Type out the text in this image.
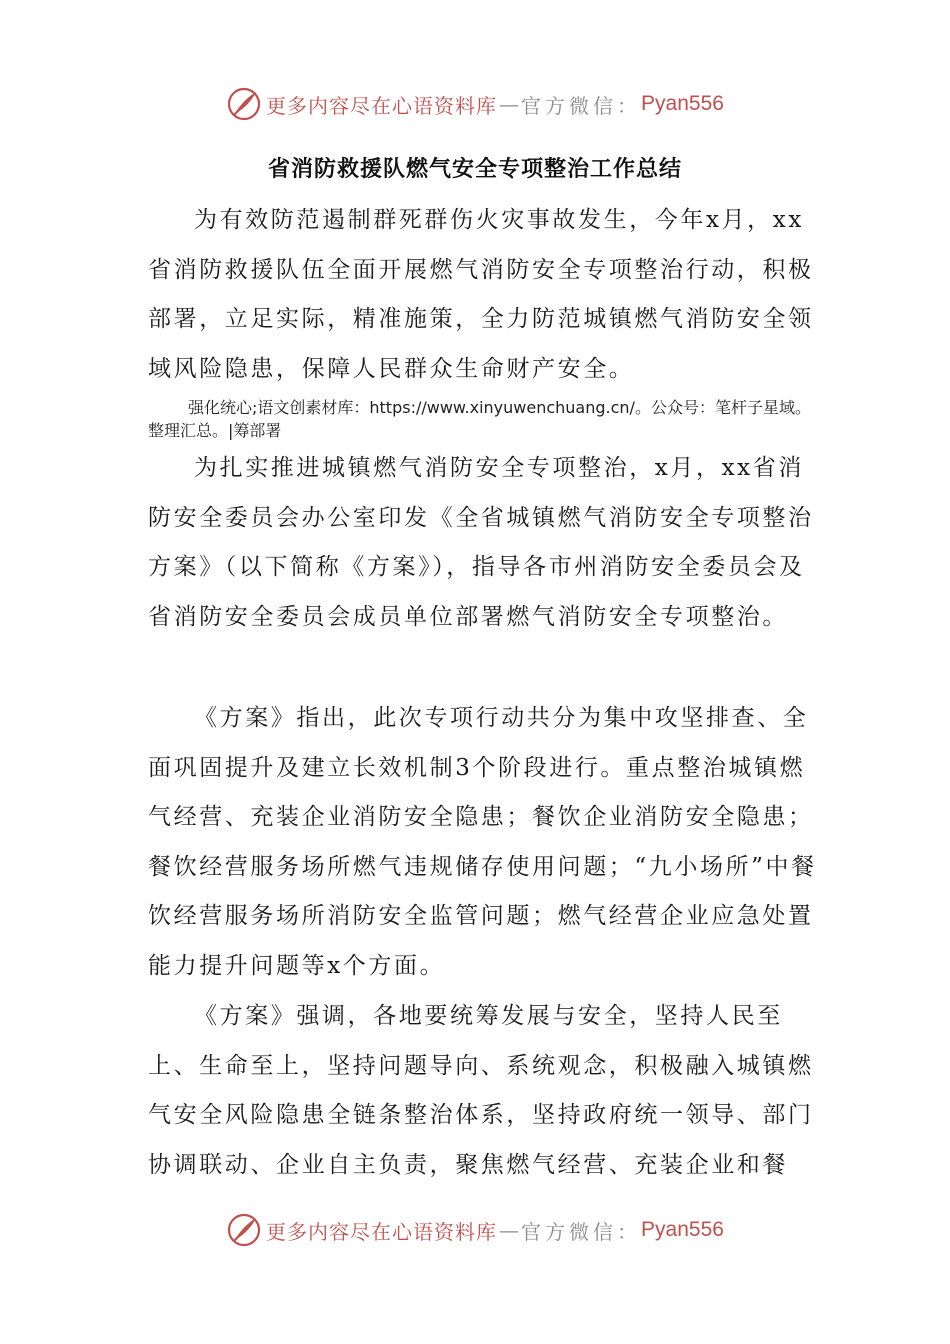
更多内容尽在心语资料库 — 官方微信： Pyan556
省消防救援队燃气安全专项整治工作总结

为有效防范遏制群死群伤火灾事故发生，今年x月，xx省消防救援队伍全面开展燃气消防安全专项整治行动，积极部署，立足实际，精准施策，全力防范城镇燃气消防安全领域风险隐患，保障人民群众生命财产安全。

强化统心;语文创素材库：https://www.xinyuwenchuang.cn/。公众号：笔杆子星域。整理汇总。|筹部署

为扎实推进城镇燃气消防安全专项整治，x月，xx省消防安全委员会办公室印发《全省城镇燃气消防安全专项整治方案》（以下简称《方案》），指导各市州消防安全委员会及省消防安全委员会成员单位部署燃气消防安全专项整治。

《方案》指出，此次专项行动共分为集中攻坚排查、全面巩固提升及建立长效机制3个阶段进行。重点整治城镇燃气经营、充装企业消防安全隐患；餐饮企业消防安全隐患；餐饮经营服务场所燃气违规储存使用问题；“九小场所”中餐饮经营服务场所消防安全监管问题；燃气经营企业应急处置能力提升问题等x个方面。

《方案》强调，各地要统筹发展与安全，坚持人民至上、生命至上，坚持问题导向、系统观念，积极融入城镇燃气安全风险隐患全链条整治体系，坚持政府统一领导、部门协调联动、企业自主负责，聚焦燃气经营、充装企业和餐

更多内容尽在心语资料库 — 官方微信： Pyan556
